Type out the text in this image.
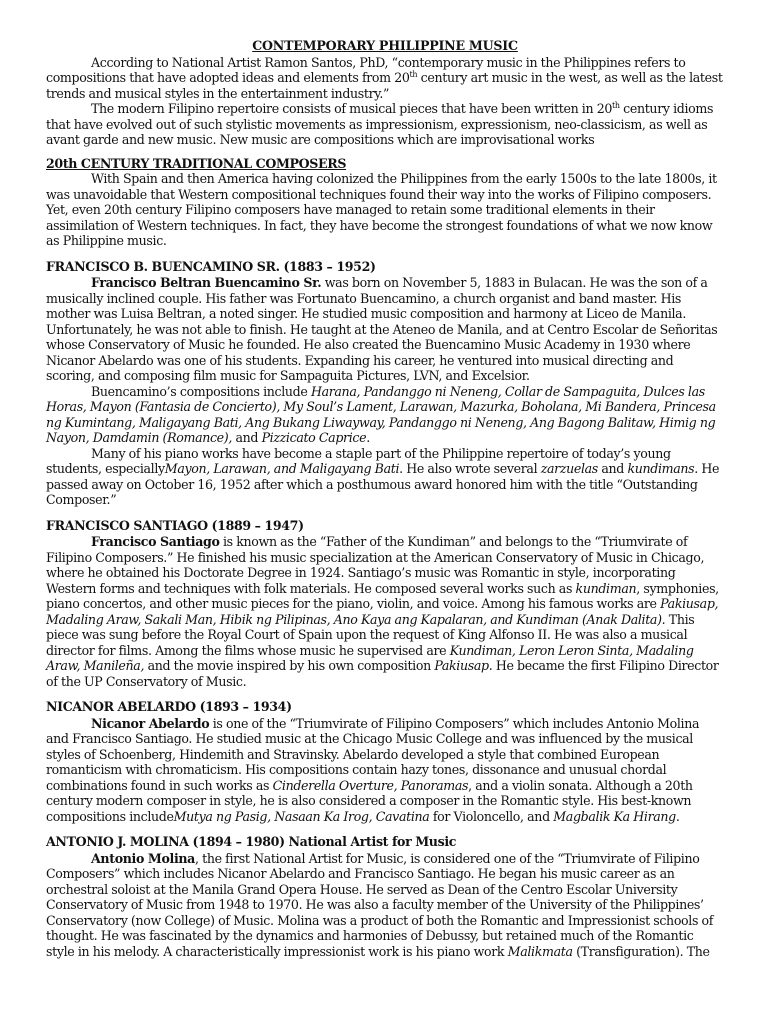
CONTEMPORARY PHILIPPINE MUSIC

According to National Artist Ramon Santos, PhD, “contemporary music in the Philippines refers to compositions that have adopted ideas and elements from 20th century art music in the west, as well as the latest trends and musical styles in the entertainment industry.”

The modern Filipino repertoire consists of musical pieces that have been written in 20th century idioms that have evolved out of such stylistic movements as impressionism, expressionism, neo-classicism, as well as avant garde and new music. New music are compositions which are improvisational works

20th CENTURY TRADITIONAL COMPOSERS

With Spain and then America having colonized the Philippines from the early 1500s to the late 1800s, it was unavoidable that Western compositional techniques found their way into the works of Filipino composers. Yet, even 20th century Filipino composers have managed to retain some traditional elements in their assimilation of Western techniques. In fact, they have become the strongest foundations of what we now know as Philippine music.

FRANCISCO B. BUENCAMINO SR. (1883 – 1952)

Francisco Beltran Buencamino Sr. was born on November 5, 1883 in Bulacan. He was the son of a musically inclined couple. His father was Fortunato Buencamino, a church organist and band master. His mother was Luisa Beltran, a noted singer. He studied music composition and harmony at Liceo de Manila. Unfortunately, he was not able to finish. He taught at the Ateneo de Manila, and at Centro Escolar de Señoritas whose Conservatory of Music he founded. He also created the Buencamino Music Academy in 1930 where Nicanor Abelardo was one of his students. Expanding his career, he ventured into musical directing and scoring, and composing film music for Sampaguita Pictures, LVN, and Excelsior.

Buencamino’s compositions include Harana, Pandanggo ni Neneng, Collar de Sampaguita, Dulces las Horas, Mayon (Fantasia de Concierto), My Soul’s Lament, Larawan, Mazurka, Boholana, Mi Bandera, Princesa ng Kumintang, Maligayang Bati, Ang Bukang Liwayway, Pandanggo ni Neneng, Ang Bagong Balitaw, Himig ng Nayon, Damdamin (Romance), and Pizzicato Caprice.

Many of his piano works have become a staple part of the Philippine repertoire of today’s young students, especiallyMayon, Larawan, and Maligayang Bati. He also wrote several zarzuelas and kundimans. He passed away on October 16, 1952 after which a posthumous award honored him with the title “Outstanding Composer.”

FRANCISCO SANTIAGO (1889 – 1947)

Francisco Santiago is known as the “Father of the Kundiman” and belongs to the “Triumvirate of Filipino Composers.” He finished his music specialization at the American Conservatory of Music in Chicago, where he obtained his Doctorate Degree in 1924. Santiago’s music was Romantic in style, incorporating Western forms and techniques with folk materials. He composed several works such as kundiman, symphonies, piano concertos, and other music pieces for the piano, violin, and voice. Among his famous works are Pakiusap, Madaling Araw, Sakali Man, Hibik ng Pilipinas, Ano Kaya ang Kapalaran, and Kundiman (Anak Dalita). This piece was sung before the Royal Court of Spain upon the request of King Alfonso II. He was also a musical director for films. Among the films whose music he supervised are Kundiman, Leron Leron Sinta, Madaling Araw, Manileña, and the movie inspired by his own composition Pakiusap. He became the first Filipino Director of the UP Conservatory of Music.

NICANOR ABELARDO (1893 – 1934)

Nicanor Abelardo is one of the “Triumvirate of Filipino Composers” which includes Antonio Molina and Francisco Santiago. He studied music at the Chicago Music College and was influenced by the musical styles of Schoenberg, Hindemith and Stravinsky. Abelardo developed a style that combined European romanticism with chromaticism. His compositions contain hazy tones, dissonance and unusual chordal combinations found in such works as Cinderella Overture, Panoramas, and a violin sonata. Although a 20th century modern composer in style, he is also considered a composer in the Romantic style. His best-known compositions includeMutya ng Pasig, Nasaan Ka Irog, Cavatina for Violoncello, and Magbalik Ka Hirang.

ANTONIO J. MOLINA (1894 – 1980) National Artist for Music

Antonio Molina, the first National Artist for Music, is considered one of the “Triumvirate of Filipino Composers” which includes Nicanor Abelardo and Francisco Santiago. He began his music career as an orchestral soloist at the Manila Grand Opera House. He served as Dean of the Centro Escolar University Conservatory of Music from 1948 to 1970. He was also a faculty member of the University of the Philippines’ Conservatory (now College) of Music. Molina was a product of both the Romantic and Impressionist schools of thought. He was fascinated by the dynamics and harmonies of Debussy, but retained much of the Romantic style in his melody. A characteristically impressionist work is his piano work Malikmata (Transfiguration). The
